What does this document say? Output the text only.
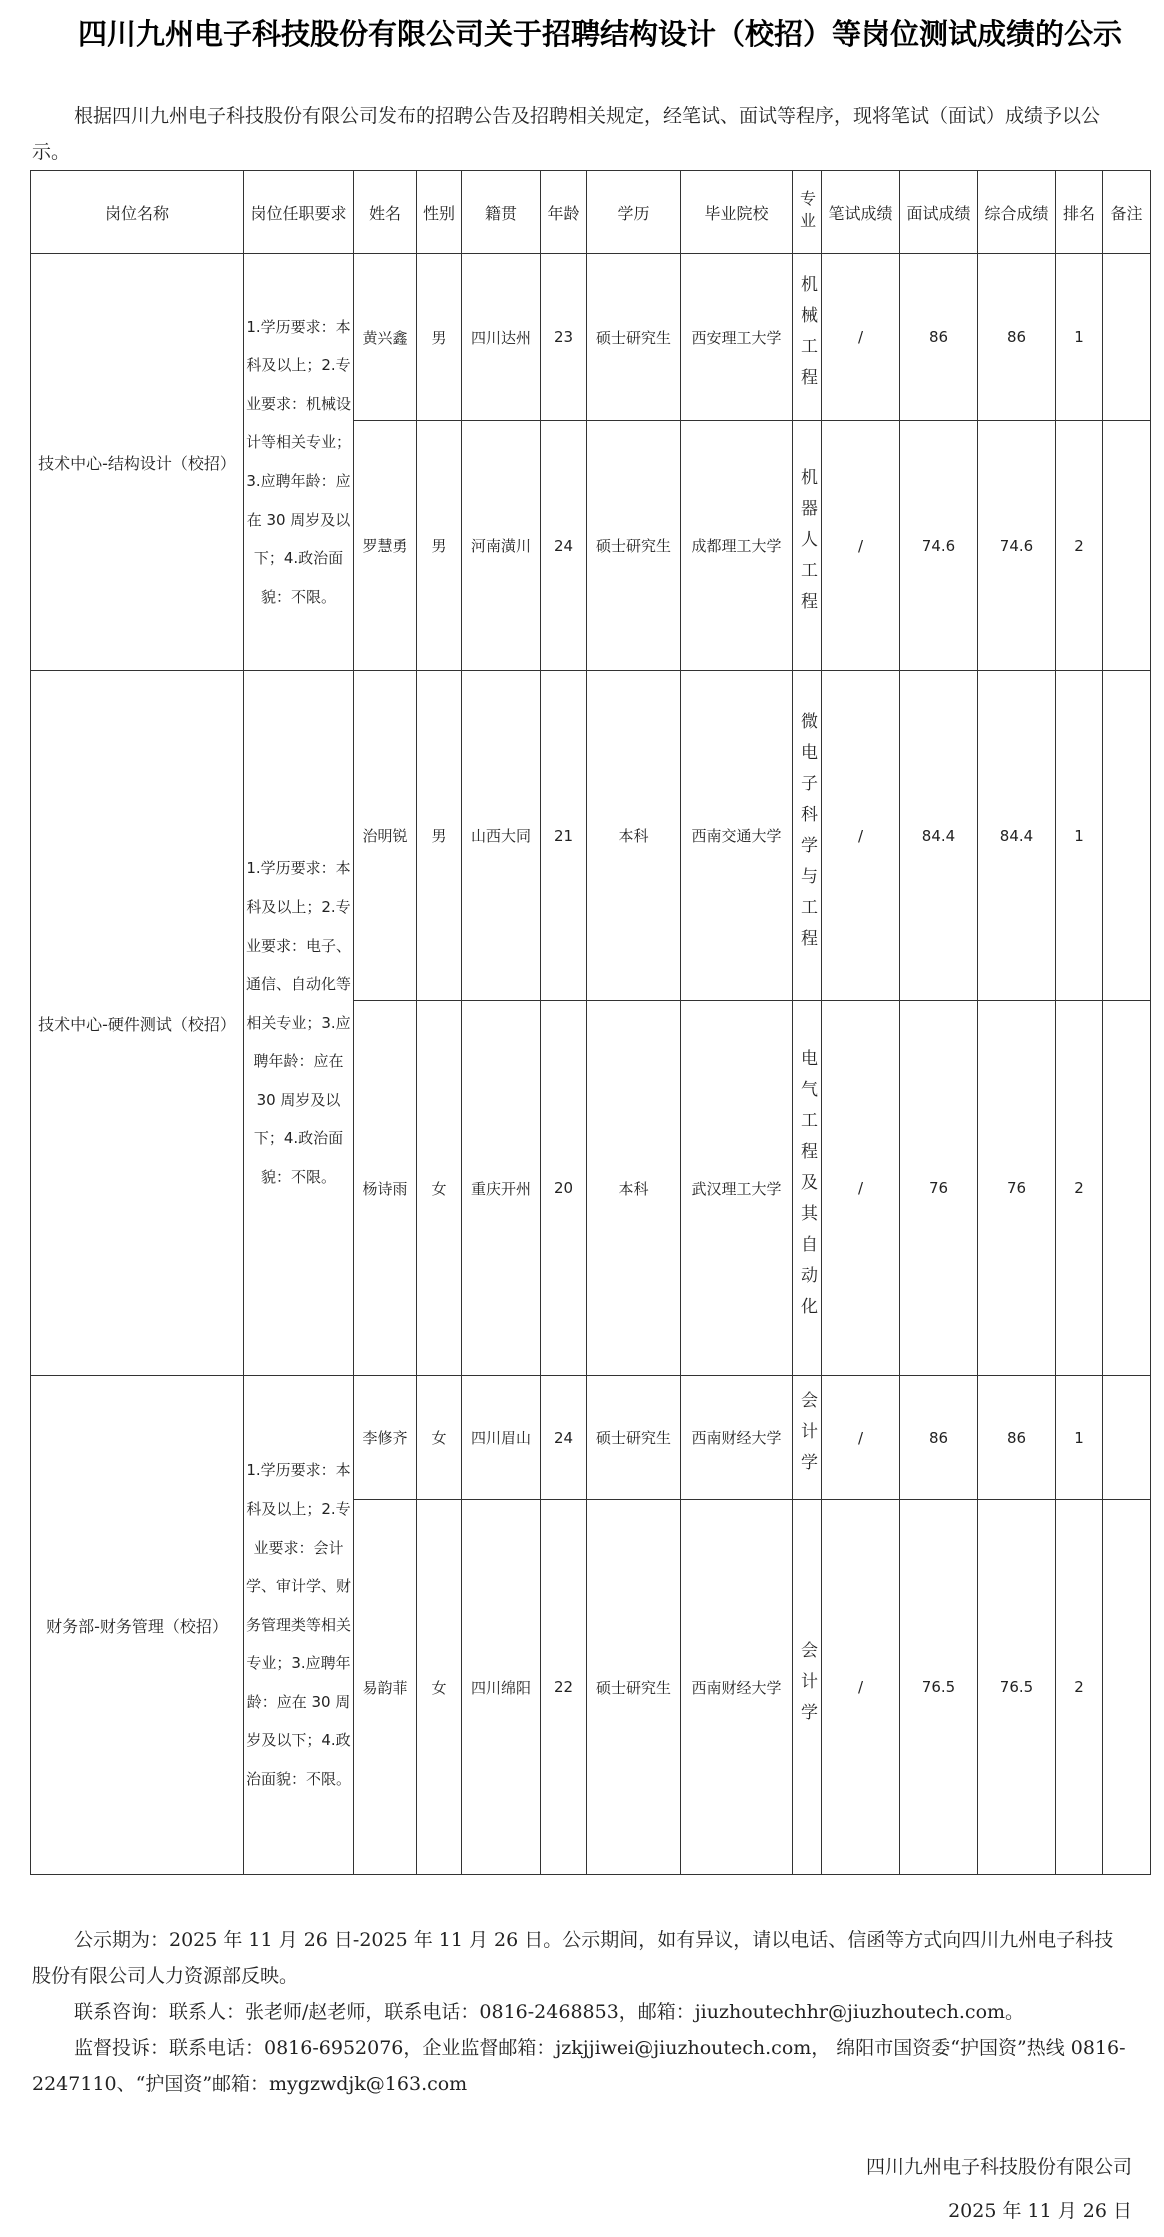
四川九州电子科技股份有限公司关于招聘结构设计（校招）等岗位测试成绩的公示
根据四川九州电子科技股份有限公司发布的招聘公告及招聘相关规定，经笔试、面试等程序，现将笔试（面试）成绩予以公示。
岗位名称	岗位任职要求	姓名	性别	籍贯	年龄	学历	毕业院校	专业	笔试成绩	面试成绩	综合成绩	排名	备注
技术中心-结构设计（校招）	1.学历要求：本科及以上；2.专业要求：机械设计等相关专业；3.应聘年龄：应在 30 周岁及以下；4.政治面貌：不限。	黄兴鑫	男	四川达州	23	硕士研究生	西安理工大学	机械工程	/	86	86	1	
		罗慧勇	男	河南潢川	24	硕士研究生	成都理工大学	机器人工程	/	74.6	74.6	2	
技术中心-硬件测试（校招）	1.学历要求：本科及以上；2.专业要求：电子、通信、自动化等相关专业；3.应聘年龄：应在 30 周岁及以下；4.政治面貌：不限。	治明锐	男	山西大同	21	本科	西南交通大学	微电子科学与工程	/	84.4	84.4	1	
		杨诗雨	女	重庆开州	20	本科	武汉理工大学	电气工程及其自动化	/	76	76	2	
财务部-财务管理（校招）	1.学历要求：本科及以上；2.专业要求：会计学、审计学、财务管理类等相关专业；3.应聘年龄：应在 30 周岁及以下；4.政治面貌：不限。	李修齐	女	四川眉山	24	硕士研究生	西南财经大学	会计学	/	86	86	1	
		易韵菲	女	四川绵阳	22	硕士研究生	西南财经大学	会计学	/	76.5	76.5	2	
公示期为：2025 年 11 月 26 日-2025 年 11 月 26 日。公示期间，如有异议，请以电话、信函等方式向四川九州电子科技股份有限公司人力资源部反映。
联系咨询：联系人：张老师/赵老师，联系电话：0816-2468853，邮箱：jiuzhoutechhr@jiuzhoutech.com。
监督投诉：联系电话：0816-6952076，企业监督邮箱：jzkjjiwei@jiuzhoutech.com， 绵阳市国资委“护国资”热线 0816-2247110、“护国资”邮箱：mygzwdjk@163.com
四川九州电子科技股份有限公司
2025 年 11 月 26 日
